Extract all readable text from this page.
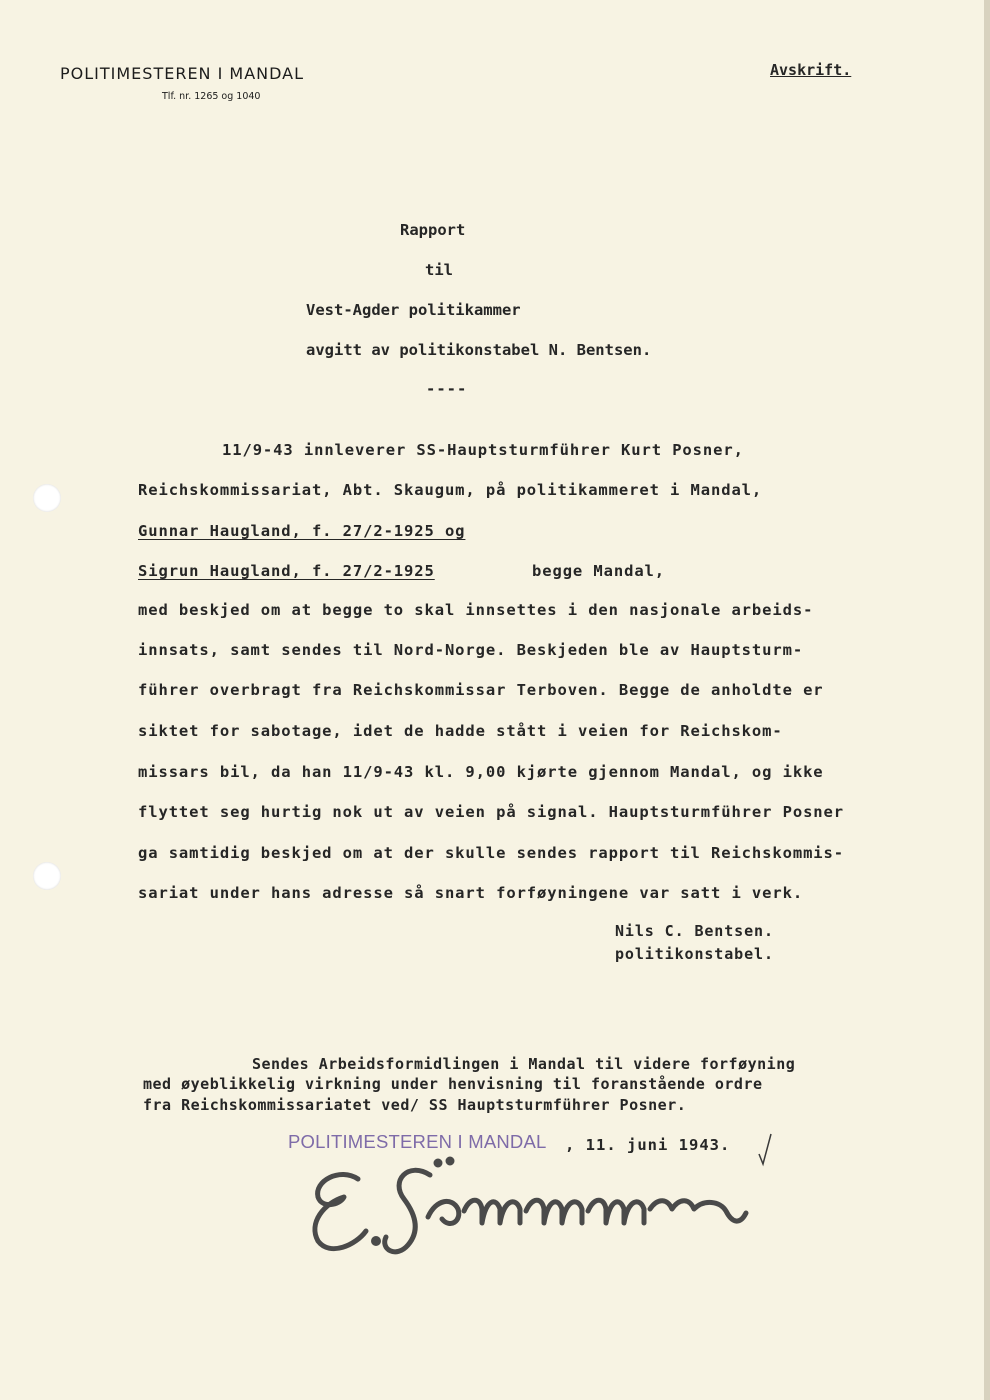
POLITIMESTEREN I MANDAL
Tlf. nr. 1265 og 1040
Avskrift.
Rapport
til
Vest-Agder politikammer
avgitt av politikonstabel N. Bentsen.
----
11/9-43 innleverer SS-Hauptsturmführer Kurt Posner,
Reichskommissariat, Abt. Skaugum, på politikammeret i Mandal,
Gunnar Haugland, f. 27/2-1925 og
Sigrun Haugland, f. 27/2-1925	begge Mandal,
med beskjed om at begge to skal innsettes i den nasjonale arbeids-
innsats, samt sendes til Nord-Norge. Beskjeden ble av Hauptsturm-
führer overbragt fra Reichskommissar Terboven. Begge de anholdte er
siktet for sabotage, idet de hadde stått i veien for Reichskom-
missars bil, da han 11/9-43 kl. 9,00 kjørte gjennom Mandal, og ikke
flyttet seg hurtig nok ut av veien på signal. Hauptsturmführer Posner
ga samtidig beskjed om at der skulle sendes rapport til Reichskommis-
sariat under hans adresse så snart forføyningene var satt i verk.
Nils C. Bentsen.
politikonstabel.
Sendes Arbeidsformidlingen i Mandal til videre forføyning
med øyeblikkelig virkning under henvisning til foranstående ordre
fra Reichskommissariatet ved/ SS Hauptsturmführer Posner.
POLITIMESTEREN I MANDAL , 11. juni 1943.
